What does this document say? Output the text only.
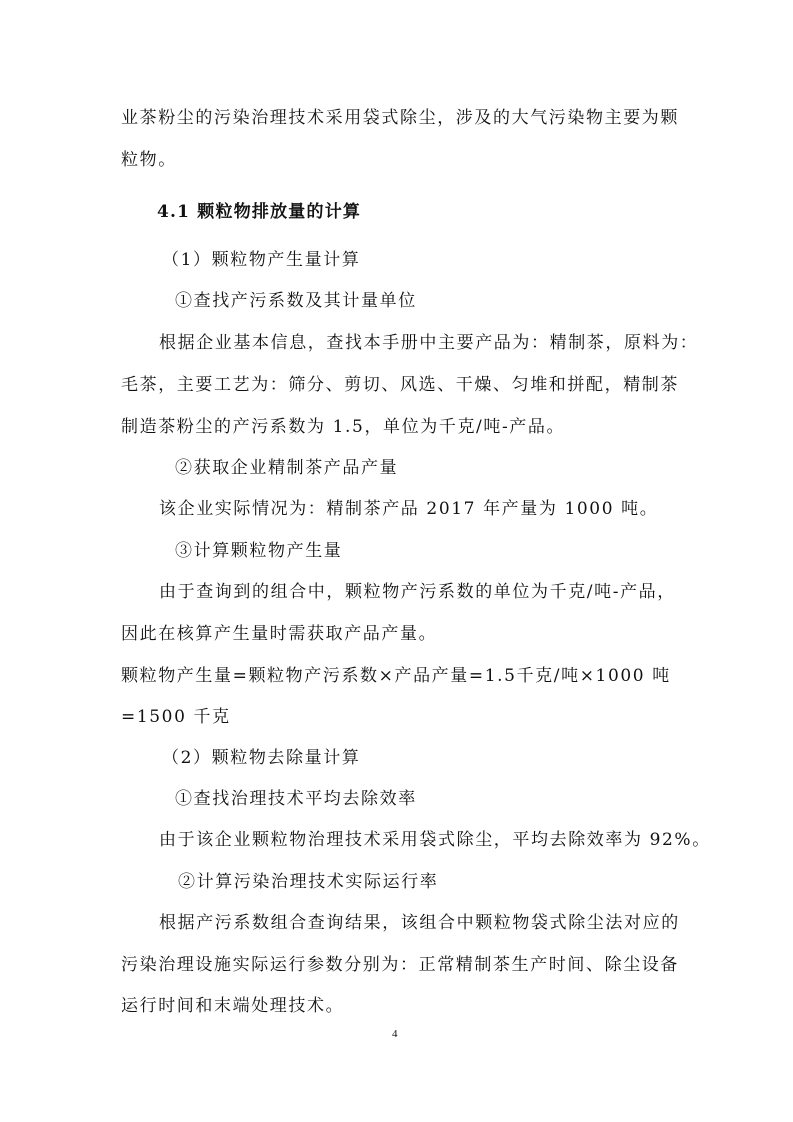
业茶粉尘的污染治理技术采用袋式除尘，涉及的大气污染物主要为颗
粒物。
4.1 颗粒物排放量的计算
（1）颗粒物产生量计算
①查找产污系数及其计量单位
根据企业基本信息，查找本手册中主要产品为：精制茶，原料为：
毛茶，主要工艺为：筛分、剪切、风选、干燥、匀堆和拼配，精制茶
制造茶粉尘的产污系数为 1.5，单位为千克/吨-产品。
②获取企业精制茶产品产量
该企业实际情况为：精制茶产品 2017 年产量为 1000 吨。
③计算颗粒物产生量
由于查询到的组合中，颗粒物产污系数的单位为千克/吨-产品，
因此在核算产生量时需获取产品产量。
颗粒物产生量=颗粒物产污系数×产品产量=1.5千克/吨×1000 吨
=1500 千克
（2）颗粒物去除量计算
①查找治理技术平均去除效率
由于该企业颗粒物治理技术采用袋式除尘，平均去除效率为 92%。
②计算污染治理技术实际运行率
根据产污系数组合查询结果，该组合中颗粒物袋式除尘法对应的
污染治理设施实际运行参数分别为：正常精制茶生产时间、除尘设备
运行时间和末端处理技术。
4
